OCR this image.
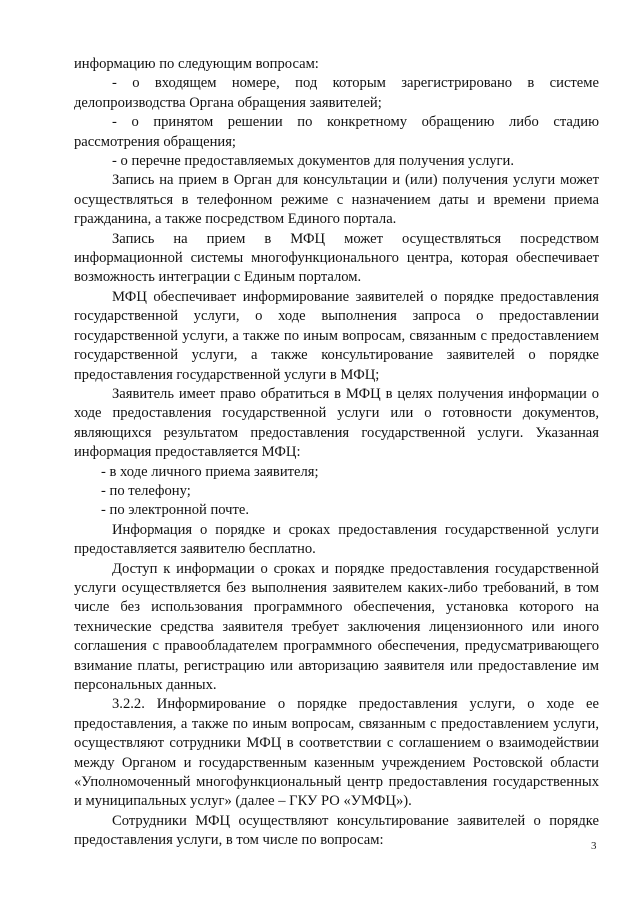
информацию по следующим вопросам:

- о входящем номере, под которым зарегистрировано в системе делопроизводства Органа обращения заявителей;

- о принятом решении по конкретному обращению либо стадию рассмотрения обращения;

- о перечне предоставляемых документов для получения услуги.

Запись на прием в Орган для консультации и (или) получения услуги может осуществляться в телефонном режиме с назначением даты и времени приема гражданина, а также посредством Единого портала.

Запись на прием в МФЦ может осуществляться посредством информационной системы многофункционального центра, которая обеспечивает возможность интеграции с Единым порталом.

МФЦ обеспечивает информирование заявителей о порядке предоставления государственной услуги, о ходе выполнения запроса о предоставлении государственной услуги, а также по иным вопросам, связанным с предоставлением государственной услуги, а также консультирование заявителей о порядке предоставления государственной услуги в МФЦ;

Заявитель имеет право обратиться в МФЦ в целях получения информации о ходе предоставления государственной услуги или о готовности документов, являющихся результатом предоставления государственной услуги. Указанная информация предоставляется МФЦ:

- в ходе личного приема заявителя;

- по телефону;

- по электронной почте.

Информация о порядке и сроках предоставления государственной услуги предоставляется заявителю бесплатно.

Доступ к информации о сроках и порядке предоставления государственной услуги осуществляется без выполнения заявителем каких-либо требований, в том числе без использования программного обеспечения, установка которого на технические средства заявителя требует заключения лицензионного или иного соглашения с правообладателем программного обеспечения, предусматривающего взимание платы, регистрацию или авторизацию заявителя или предоставление им персональных данных.

3.2.2. Информирование о порядке предоставления услуги, о ходе ее предоставления, а также по иным вопросам, связанным с предоставлением услуги, осуществляют сотрудники МФЦ в соответствии с соглашением о взаимодействии между Органом и государственным казенным учреждением Ростовской области «Уполномоченный многофункциональный центр предоставления государственных и муниципальных услуг» (далее – ГКУ РО «УМФЦ»).

Сотрудники МФЦ осуществляют консультирование заявителей о порядке предоставления услуги, в том числе по вопросам:	3
